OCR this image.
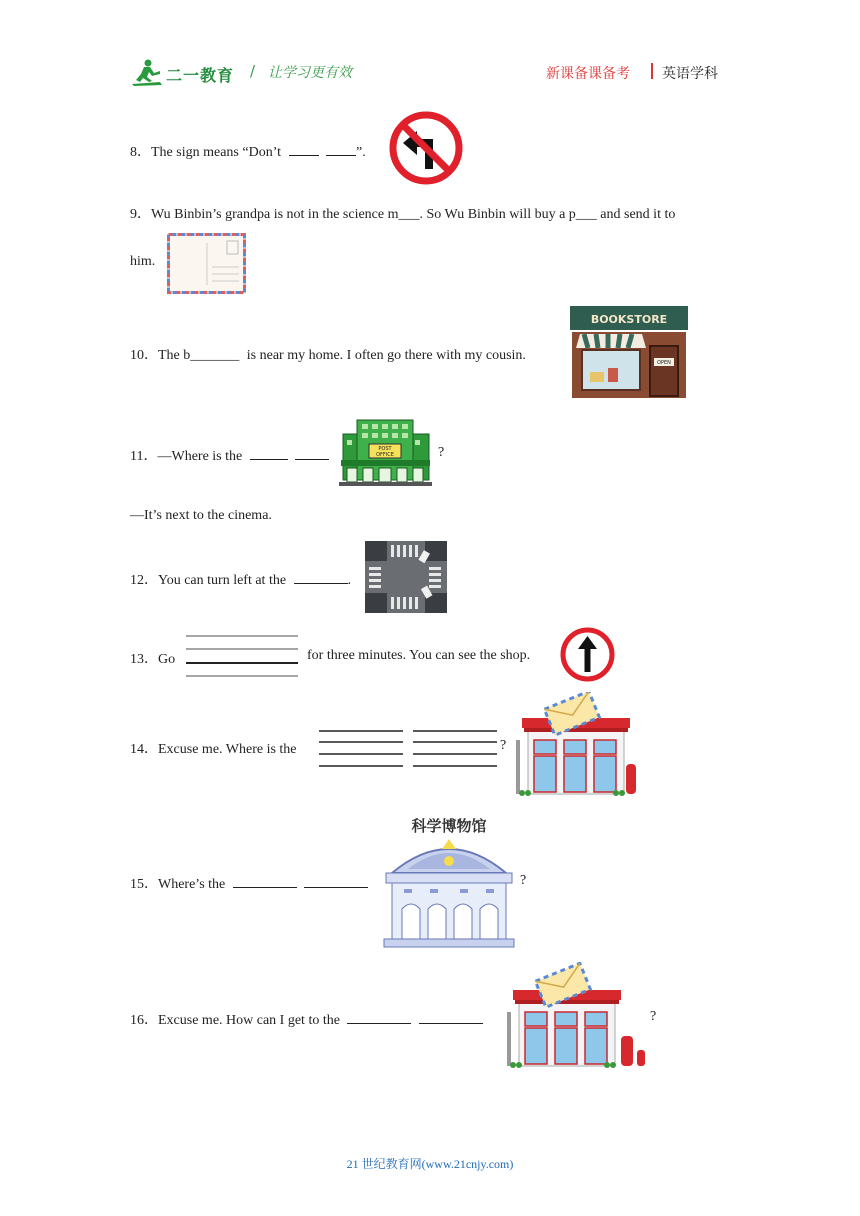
二一教育 / 让学习更有效	新课备课备考 英语学科
8．The sign means “Don’t	”.
9．Wu Binbin’s grandpa is not in the science m___. So Wu Binbin will buy a p___ and send it to
him.
10．The b_______ is near my home. I often go there with my cousin.
BOOKSTORE
OPEN
11．—Where is the	?
POST
OFFICE
—It’s next to the cinema.
12．You can turn left at the	.
13．Go	for three minutes. You can see the shop.
14．Excuse me. Where is the	?
科学博物馆
15．Where’s the	?
16．Excuse me. How can I get to the	?
21 世纪教育网(www.21cnjy.com)
